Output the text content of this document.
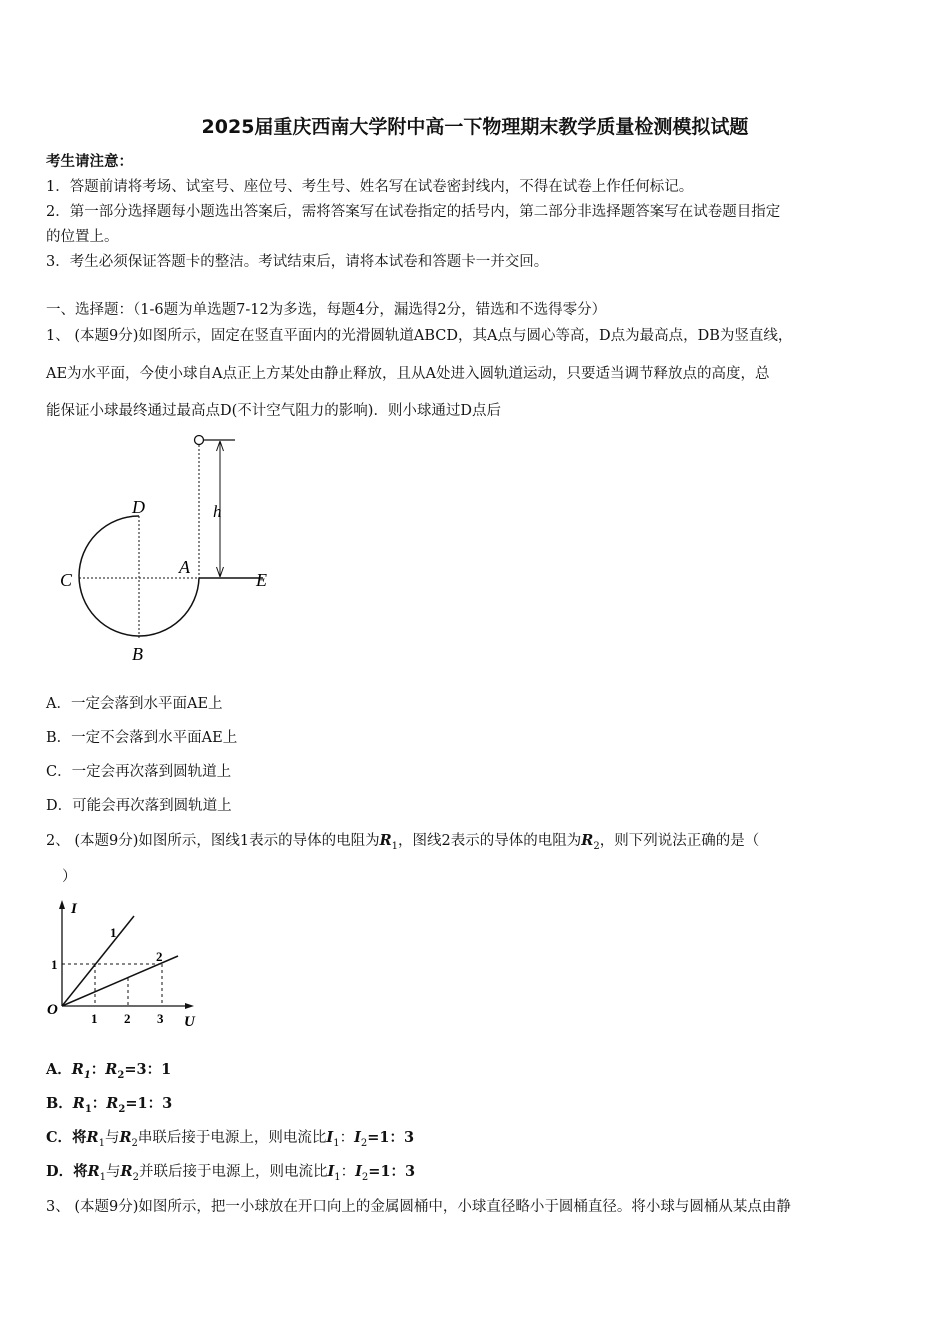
2025届重庆西南大学附中高一下物理期末教学质量检测模拟试题
考生请注意：
1．答题前请将考场、试室号、座位号、考生号、姓名写在试卷密封线内，不得在试卷上作任何标记。
2．第一部分选择题每小题选出答案后，需将答案写在试卷指定的括号内，第二部分非选择题答案写在试卷题目指定
的位置上。
3．考生必须保证答题卡的整洁。考试结束后，请将本试卷和答题卡一并交回。
一、选择题：（1-6题为单选题7-12为多选，每题4分，漏选得2分，错选和不选得零分）
1、 (本题9分)如图所示，固定在竖直平面内的光滑圆轨道ABCD，其A点与圆心等高，D点为最高点，DB为竖直线，
AE为水平面，今使小球自A点正上方某处由静止释放，且从A处进入圆轨道运动，只要适当调节释放点的高度，总
能保证小球最终通过最高点D(不计空气阻力的影响)．则小球通过D点后
h
D
C
A
E
B
A．一定会落到水平面AE上
B．一定不会落到水平面AE上
C．一定会再次落到圆轨道上
D．可能会再次落到圆轨道上
2、 (本题9分)如图所示，图线1表示的导体的电阻为$R_1$，图线2表示的导体的电阻为$R_2$，则下列说法正确的是（
）
I
U
O
1
1 2 3
1
2
A．$R_1$：$R_2=3$：1
B．$R_1$：$R_2=1$：3
C．将$R_1$与$R_2$串联后接于电源上，则电流比$I_1$：$I_2=1$：3
D．将$R_1$与$R_2$并联后接于电源上，则电流比$I_1$：$I_2=1$：3
3、 (本题9分)如图所示，把一小球放在开口向上的金属圆桶中，小球直径略小于圆桶直径。将小球与圆桶从某点由静
